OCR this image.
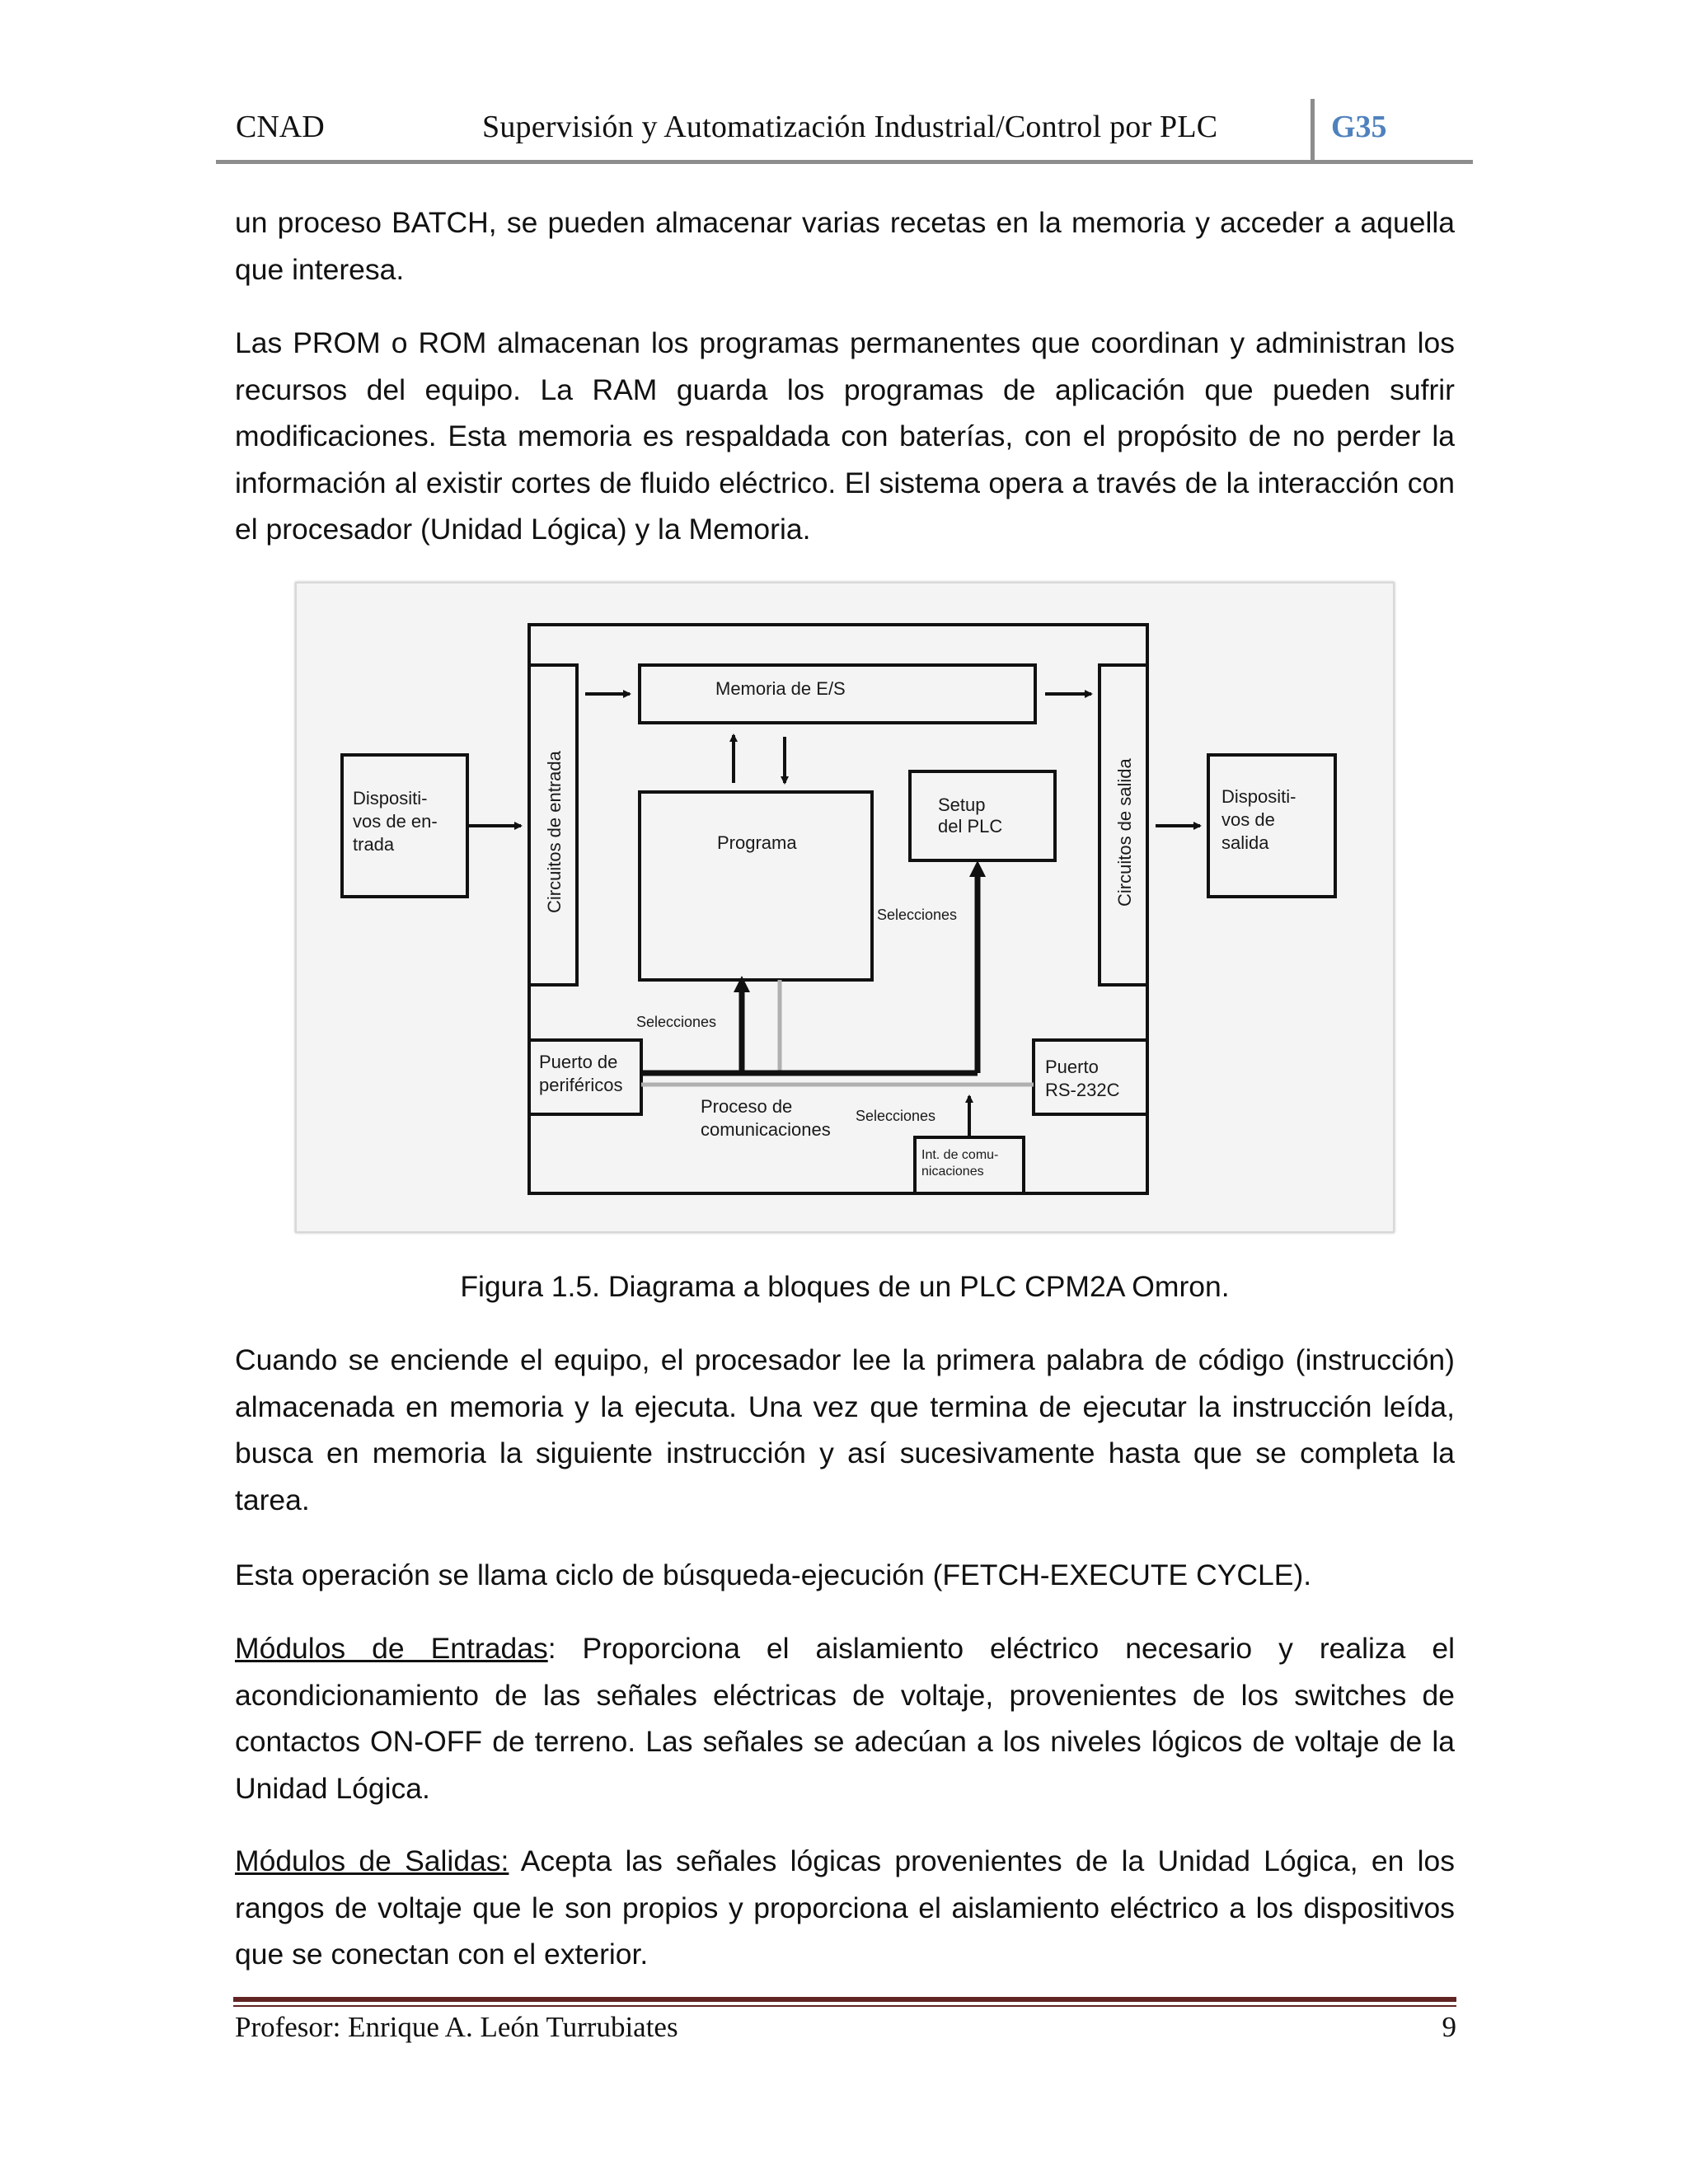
CNAD	Supervisión y Automatización Industrial/Control por PLC	G35

un proceso BATCH, se pueden almacenar varias recetas en la memoria y acceder a aquella que interesa.

Las PROM o ROM almacenan los programas permanentes que coordinan y administran los recursos del equipo. La RAM guarda los programas de aplicación que pueden sufrir modificaciones. Esta memoria es respaldada con baterías, con el propósito de no perder la información al existir cortes de fluido eléctrico. El sistema opera a través de la interacción con el procesador (Unidad Lógica) y la Memoria.

Memoria de E/S
Dispositi-
vos de en-
trada	Circuitos de entrada	Programa
Setup
del PLC	Circuitos de salida	Dispositi-
vos de
salida
Puerto de
periféricos
Puerto
RS-232C
Proceso de
comunicaciones
Selecciones
Selecciones
Selecciones
Int. de comu-
nicaciones
Figura 1.5. Diagrama a bloques de un PLC CPM2A Omron.

Cuando se enciende el equipo, el procesador lee la primera palabra de código (instrucción) almacenada en memoria y la ejecuta. Una vez que termina de ejecutar la instrucción leída, busca en memoria la siguiente instrucción y así sucesivamente hasta que se completa la tarea.

Esta operación se llama ciclo de búsqueda-ejecución (FETCH-EXECUTE CYCLE).

Módulos de Entradas: Proporciona el aislamiento eléctrico necesario y realiza el acondicionamiento de las señales eléctricas de voltaje, provenientes de los switches de contactos ON-OFF de terreno. Las señales se adecúan a los niveles lógicos de voltaje de la Unidad Lógica.

Módulos de Salidas: Acepta las señales lógicas provenientes de la Unidad Lógica, en los rangos de voltaje que le son propios y proporciona el aislamiento eléctrico a los dispositivos que se conectan con el exterior.

Profesor: Enrique A. León Turrubiates	9
